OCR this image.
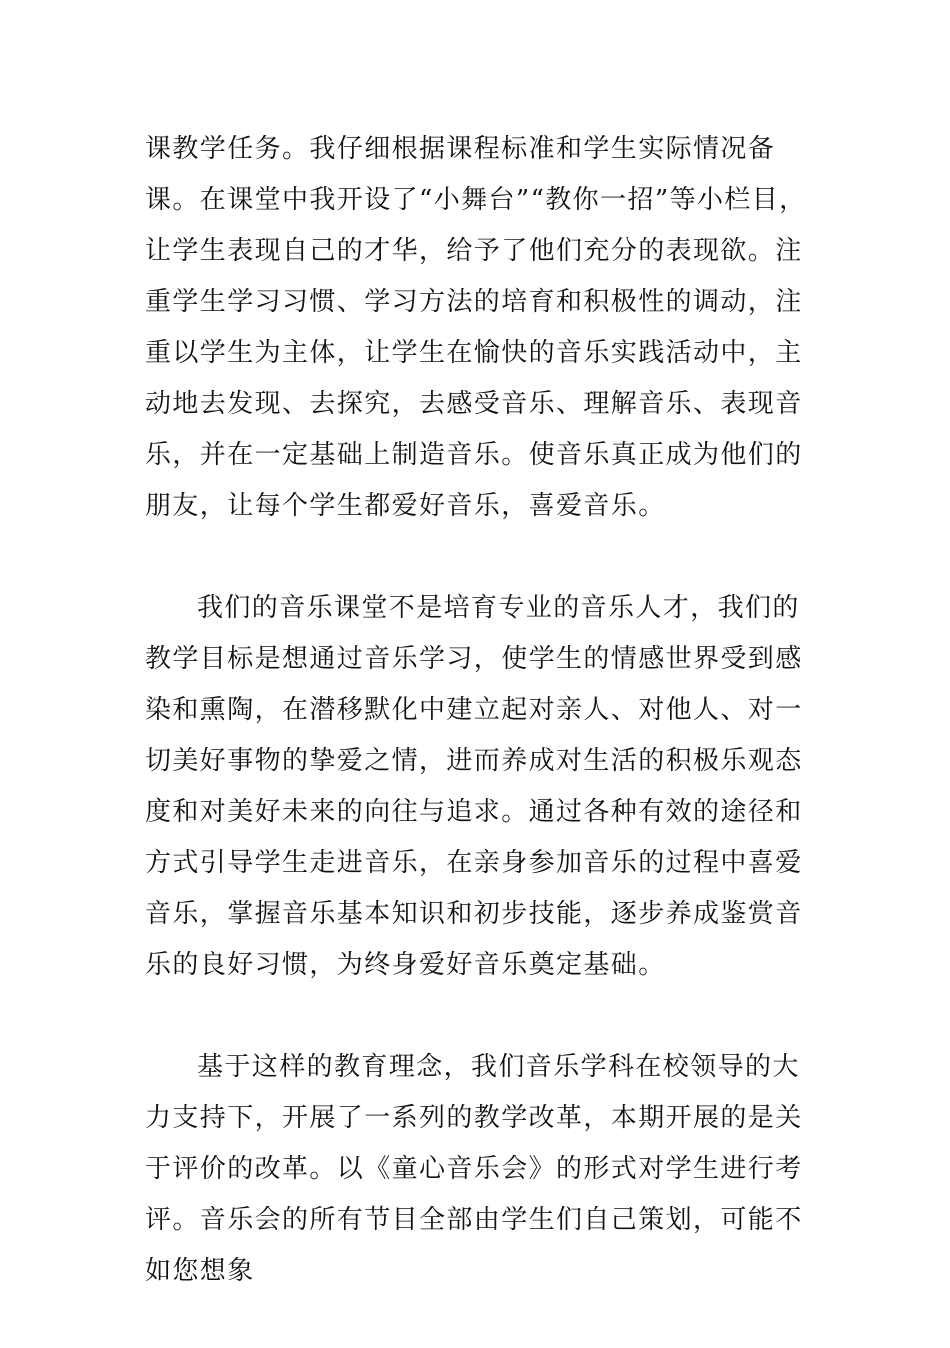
课教学任务。我仔细根据课程标准和学生实际情况备课。在课堂中我开设了“小舞台”“教你一招”等小栏目，让学生表现自己的才华，给予了他们充分的表现欲。注重学生学习习惯、学习方法的培育和积极性的调动，注重以学生为主体，让学生在愉快的音乐实践活动中，主动地去发现、去探究，去感受音乐、理解音乐、表现音乐，并在一定基础上制造音乐。使音乐真正成为他们的朋友，让每个学生都爱好音乐，喜爱音乐。

我们的音乐课堂不是培育专业的音乐人才，我们的教学目标是想通过音乐学习，使学生的情感世界受到感染和熏陶，在潜移默化中建立起对亲人、对他人、对一切美好事物的挚爱之情，进而养成对生活的积极乐观态度和对美好未来的向往与追求。通过各种有效的途径和方式引导学生走进音乐，在亲身参加音乐的过程中喜爱音乐，掌握音乐基本知识和初步技能，逐步养成鉴赏音乐的良好习惯，为终身爱好音乐奠定基础。

基于这样的教育理念，我们音乐学科在校领导的大力支持下，开展了一系列的教学改革，本期开展的是关于评价的改革。以《童心音乐会》的形式对学生进行考评。音乐会的所有节目全部由学生们自己策划，可能不如您想象
